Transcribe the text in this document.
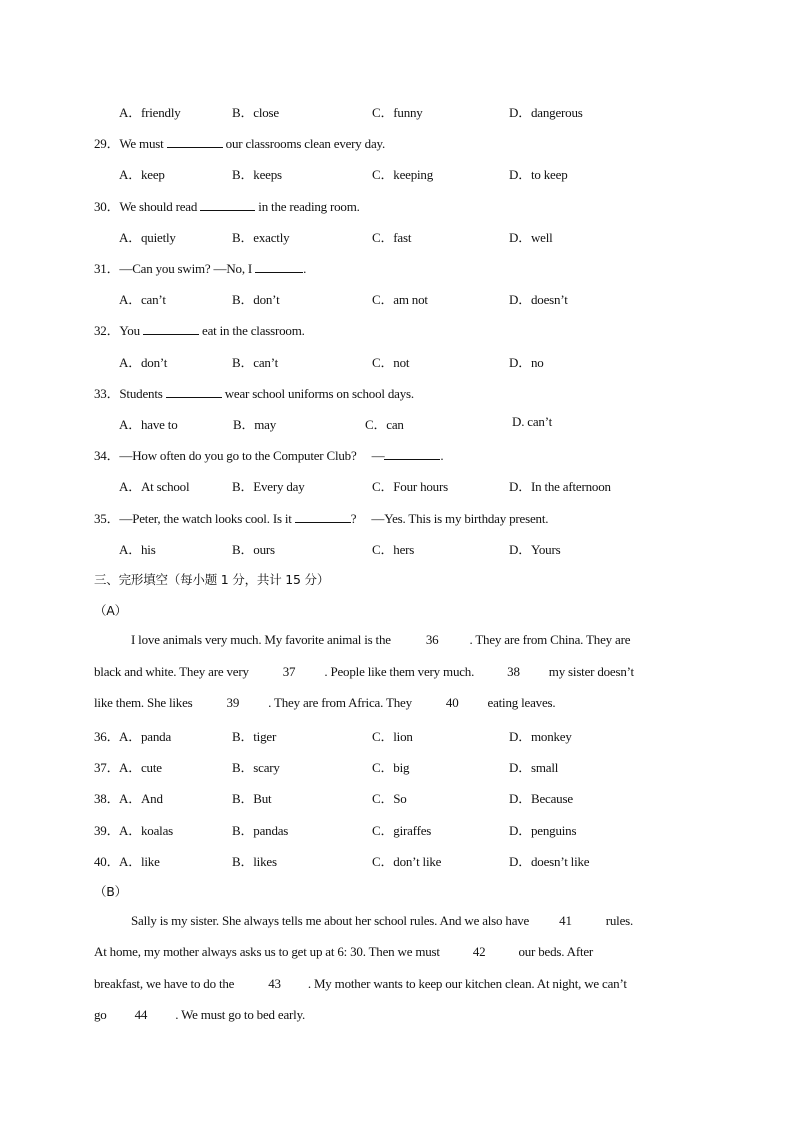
A．friendly	B．close	C．funny	D．dangerous
29．We must	our classrooms clean every day.
A．keep	B．keeps	C．keeping	D．to keep
30．We should read	in the reading room.
A．quietly	B．exactly	C．fast	D．well
31．—Can you swim? —No, I	.
A．can’t	B．don’t	C．am not	D．doesn’t
32．You	eat in the classroom.
A．don’t	B．can’t	C．not	D．no
33．Students	wear school uniforms on school days.
A．have to	B．may	C．can	D. can’t
34．—How often do you go to the Computer Club? —	.
A．At school	B．Every day	C．Four hours	D．In the afternoon
35．—Peter, the watch looks cool. Is it	? —Yes. This is my birthday present.
A．his	B．ours	C．hers	D．Yours
三、完形填空（每小题 1 分，共计 15 分）
（A）
I love animals very much. My favorite animal is the	36 . They are from China. They are
black and white. They are very	37 . People like them very much.	38 my sister doesn’t
like them. She likes	39 . They are from Africa. They	40 eating leaves.
36． A．panda	B．tiger	C．lion	D．monkey
37． A．cute	B．scary	C．big	D．small
38． A．And	B．But	C．So	D．Because
39． A．koalas	B．pandas	C．giraffes	D．penguins
40． A．like	B．likes	C．don’t like	D．doesn’t like
（B）
Sally is my sister. She always tells me about her school rules. And we also have 41	rules.
At home, my mother always asks us to get up at 6: 30. Then we must	42	our beds. After
breakfast, we have to do the	43 . My mother wants to keep our kitchen clean. At night, we can’t
go 44 . We must go to bed early.
